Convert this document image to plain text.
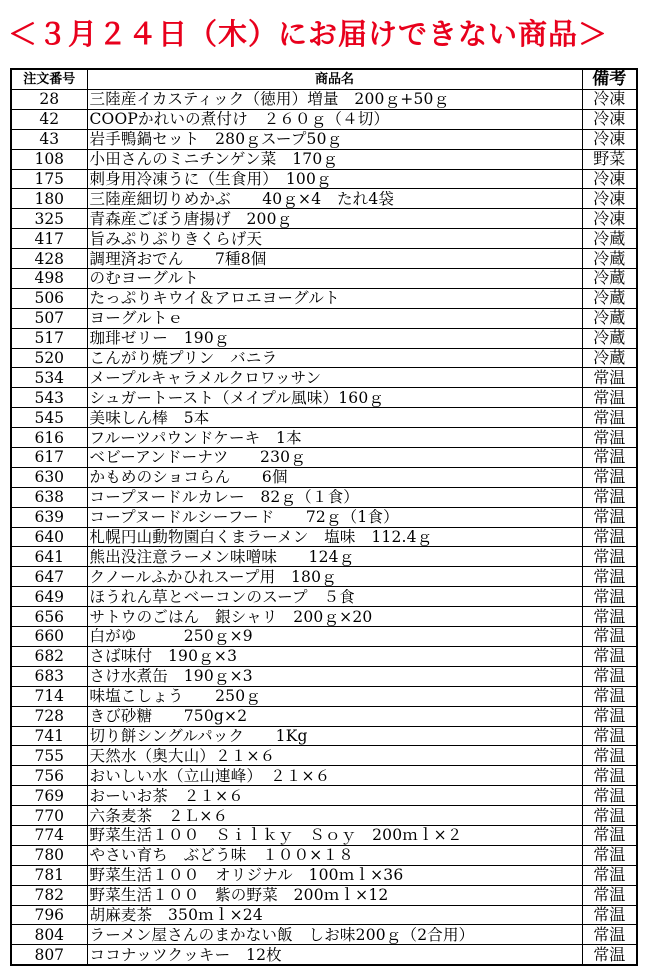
＜３月２４日（木）にお届けできない商品＞
注文番号	商品名	備考
28	三陸産イカスティック（徳用）増量　200ｇ+50ｇ	冷凍
42	COOPかれいの煮付け　２６０ｇ（４切）	冷凍
43	岩手鴨鍋セット　280ｇスープ50ｇ	冷凍
108	小田さんのミニチンゲン菜　170ｇ	野菜
175	刺身用冷凍うに（生食用）　100ｇ	冷凍
180	三陸産細切りめかぶ　　40ｇ×4　たれ4袋	冷凍
325	青森産ごぼう唐揚げ　200ｇ	冷凍
417	旨みぷりぷりきくらげ天	冷蔵
428	調理済おでん　　7種8個	冷蔵
498	のむヨーグルト	冷蔵
506	たっぷりキウイ＆アロエヨーグルト	冷蔵
507	ヨーグルトｅ	冷蔵
517	珈琲ゼリー　190ｇ	冷蔵
520	こんがり焼プリン　バニラ	冷蔵
534	メープルキャラメルクロワッサン	常温
543	シュガートースト（メイプル風味）160ｇ	常温
545	美味しん棒　5本	常温
616	フルーツパウンドケーキ　1本	常温
617	ベビーアンドーナツ　　230ｇ	常温
630	かもめのショコらん　　6個	常温
638	コープヌードルカレー　82ｇ（１食）	常温
639	コープヌードルシーフード　　72ｇ（1食）	常温
640	札幌円山動物園白くまラーメン　塩味　112.4ｇ	常温
641	熊出没注意ラーメン味噌味　　124ｇ	常温
647	クノールふかひれスープ用　180ｇ	常温
649	ほうれん草とベーコンのスープ　５食	常温
656	サトウのごはん　銀シャリ　200ｇ×20	常温
660	白がゆ　　　250ｇ×9	常温
682	さば味付　190ｇ×3	常温
683	さけ水煮缶　190ｇ×3	常温
714	味塩こしょう　　250ｇ	常温
728	きび砂糖　　750g×2	常温
741	切り餅シングルパック　　1Kg	常温
755	天然水（奥大山）２１×６	常温
756	おいしい水（立山連峰）　２１×６	常温
769	おーいお茶　２１×６	常温
770	六条麦茶　２Ｌ×６	常温
774	野菜生活１００　Ｓｉｌｋｙ　Ｓｏｙ　200ｍｌ×２	常温
780	やさい育ち　ぶどう味　１００×１８	常温
781	野菜生活１００　オリジナル　100ｍｌ×36	常温
782	野菜生活１００　紫の野菜　200ｍｌ×12	常温
796	胡麻麦茶　350ｍｌ×24	常温
804	ラーメン屋さんのまかない飯　しお味200ｇ（2合用）	常温
807	ココナッツクッキー　12枚	常温
